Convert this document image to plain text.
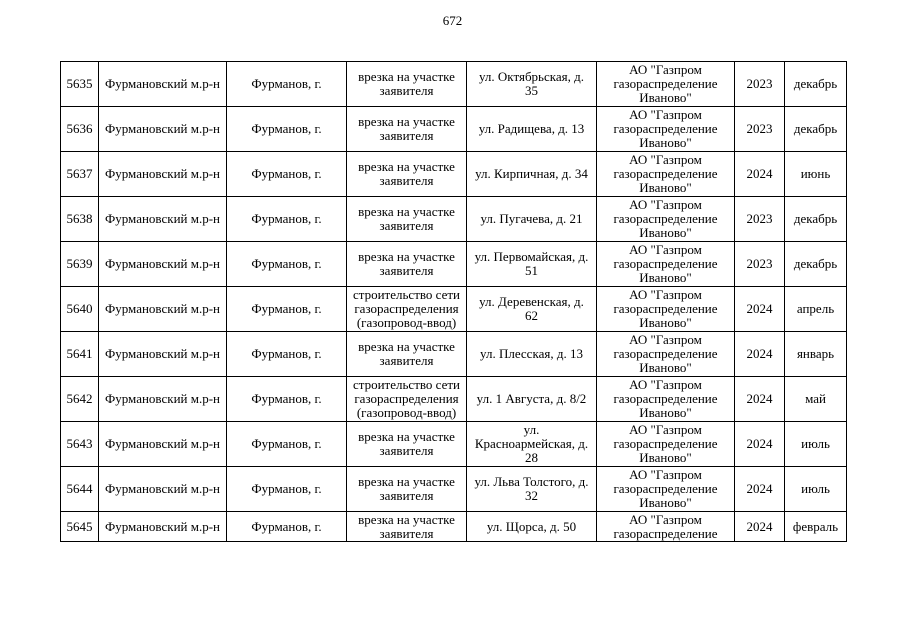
672
5635	Фурмановский м.р-н	Фурманов, г.	врезка на участке заявителя	ул. Октябрьская, д. 35	АО "Газпром газораспределение Иваново"	2023	декабрь
5636	Фурмановский м.р-н	Фурманов, г.	врезка на участке заявителя	ул. Радищева, д. 13	АО "Газпром газораспределение Иваново"	2023	декабрь
5637	Фурмановский м.р-н	Фурманов, г.	врезка на участке заявителя	ул. Кирпичная, д. 34	АО "Газпром газораспределение Иваново"	2024	июнь
5638	Фурмановский м.р-н	Фурманов, г.	врезка на участке заявителя	ул. Пугачева, д. 21	АО "Газпром газораспределение Иваново"	2023	декабрь
5639	Фурмановский м.р-н	Фурманов, г.	врезка на участке заявителя	ул. Первомайская, д. 51	АО "Газпром газораспределение Иваново"	2023	декабрь
5640	Фурмановский м.р-н	Фурманов, г.	строительство сети газораспределения (газопровод-ввод)	ул. Деревенская, д. 62	АО "Газпром газораспределение Иваново"	2024	апрель
5641	Фурмановский м.р-н	Фурманов, г.	врезка на участке заявителя	ул. Плесская, д. 13	АО "Газпром газораспределение Иваново"	2024	январь
5642	Фурмановский м.р-н	Фурманов, г.	строительство сети газораспределения (газопровод-ввод)	ул. 1 Августа, д. 8/2	АО "Газпром газораспределение Иваново"	2024	май
5643	Фурмановский м.р-н	Фурманов, г.	врезка на участке заявителя	ул. Красноармейская, д. 28	АО "Газпром газораспределение Иваново"	2024	июль
5644	Фурмановский м.р-н	Фурманов, г.	врезка на участке заявителя	ул. Льва Толстого, д. 32	АО "Газпром газораспределение Иваново"	2024	июль
5645	Фурмановский м.р-н	Фурманов, г.	врезка на участке заявителя	ул. Щорса, д. 50	АО "Газпром газораспределение	2024	февраль
